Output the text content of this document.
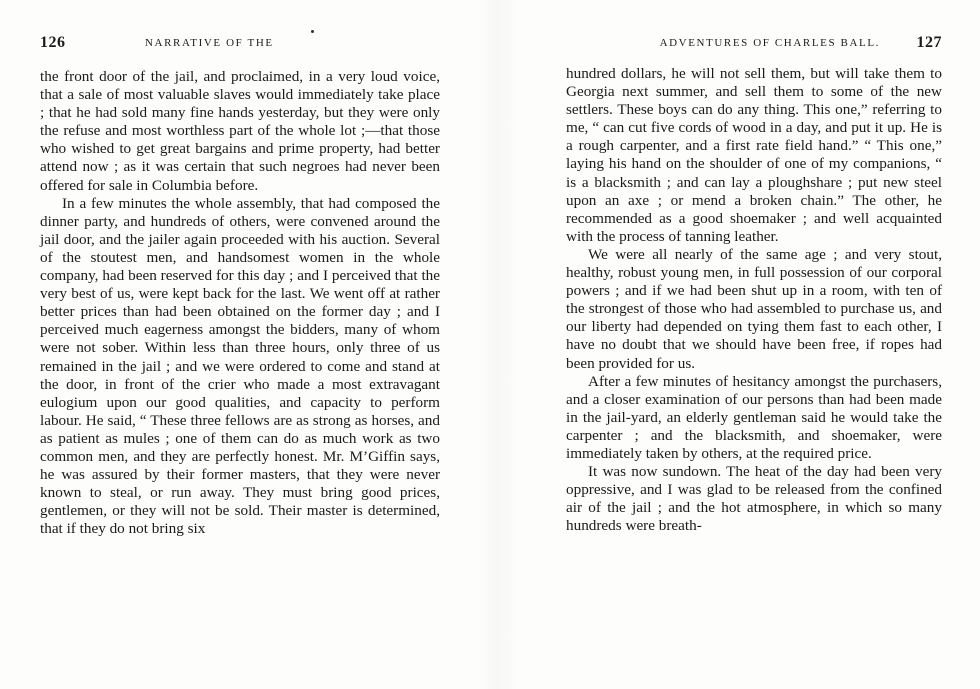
126	NARRATIVE OF THE

the front door of the jail, and proclaimed, in a very loud voice, that a sale of most valuable slaves would immediately take place ; that he had sold many fine hands yesterday, but they were only the refuse and most worthless part of the whole lot ;—that those who wished to get great bargains and prime property, had better attend now ; as it was certain that such negroes had never been offered for sale in Columbia before.

In a few minutes the whole assembly, that had composed the dinner party, and hundreds of others, were convened around the jail door, and the jailer again proceeded with his auction. Several of the stoutest men, and handsomest women in the whole company, had been reserved for this day ; and I perceived that the very best of us, were kept back for the last. We went off at rather better prices than had been obtained on the former day ; and I perceived much eagerness amongst the bidders, many of whom were not sober. Within less than three hours, only three of us remained in the jail ; and we were ordered to come and stand at the door, in front of the crier who made a most extravagant eulogium upon our good qualities, and capacity to perform labour. He said, “ These three fellows are as strong as horses, and as patient as mules ; one of them can do as much work as two common men, and they are perfectly honest. Mr. M’Giffin says, he was assured by their former masters, that they were never known to steal, or run away. They must bring good prices, gentlemen, or they will not be sold. Their master is determined, that if they do not bring six

ADVENTURES OF CHARLES BALL. 127

hundred dollars, he will not sell them, but will take them to Georgia next summer, and sell them to some of the new settlers. These boys can do any thing. This one,” referring to me, “ can cut five cords of wood in a day, and put it up. He is a rough carpenter, and a first rate field hand.” “ This one,” laying his hand on the shoulder of one of my companions, “ is a blacksmith ; and can lay a ploughshare ; put new steel upon an axe ; or mend a broken chain.” The other, he recommended as a good shoemaker ; and well acquainted with the process of tanning leather.

We were all nearly of the same age ; and very stout, healthy, robust young men, in full possession of our corporal powers ; and if we had been shut up in a room, with ten of the strongest of those who had assembled to purchase us, and our liberty had depended on tying them fast to each other, I have no doubt that we should have been free, if ropes had been provided for us.

After a few minutes of hesitancy amongst the purchasers, and a closer examination of our persons than had been made in the jail-yard, an elderly gentleman said he would take the carpenter ; and the blacksmith, and shoemaker, were immediately taken by others, at the required price.

It was now sundown. The heat of the day had been very oppressive, and I was glad to be released from the confined air of the jail ; and the hot atmosphere, in which so many hundreds were breath-
